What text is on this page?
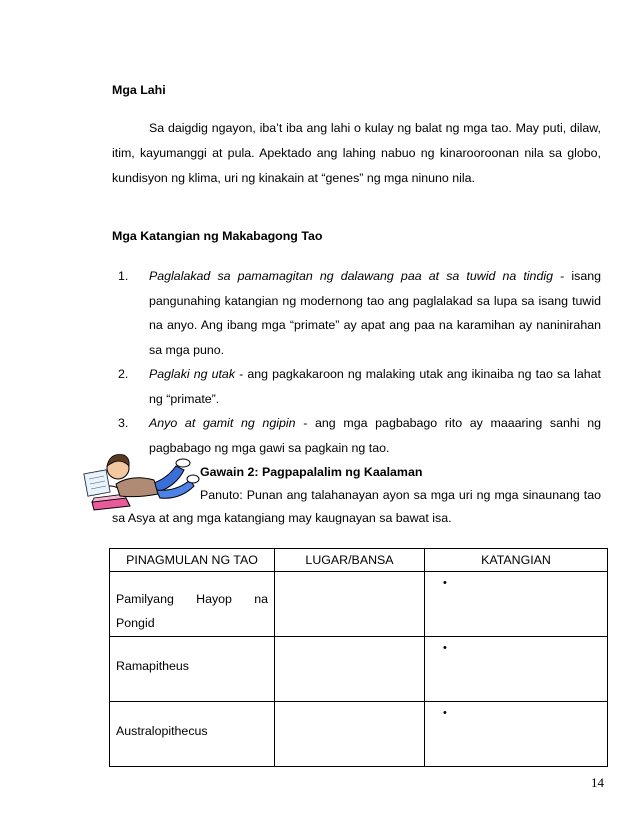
Mga Lahi
Sa daigdig ngayon, iba’t iba ang lahi o kulay ng balat ng mga tao. May puti, dilaw, itim, kayumanggi at pula. Apektado ang lahing nabuo ng kinarooroonan nila sa globo, kundisyon ng klima, uri ng kinakain at “genes” ng mga ninuno nila.
Mga Katangian ng Makabagong Tao
1. Paglalakad sa pamamagitan ng dalawang paa at sa tuwid na tindig - isang pangunahing katangian ng modernong tao ang paglalakad sa lupa sa isang tuwid na anyo. Ang ibang mga “primate” ay apat ang paa na karamihan ay naninirahan sa mga puno.
2. Paglaki ng utak - ang pagkakaroon ng malaking utak ang ikinaiba ng tao sa lahat ng “primate”.
3. Anyo at gamit ng ngipin - ang mga pagbabago rito ay maaaring sanhi ng pagbabago ng mga gawi sa pagkain ng tao.
Gawain 2: Pagpapalalim ng Kaalaman
Panuto: Punan ang talahanayan ayon sa mga uri ng mga sinaunang tao
sa Asya at ang mga katangiang may kaugnayan sa bawat isa.
PINAGMULAN NG TAO	LUGAR/BANSA	KATANGIAN

Pamilyang Hayop na
Pongid		•

Ramapitheus		•

Australopithecus		•
14
